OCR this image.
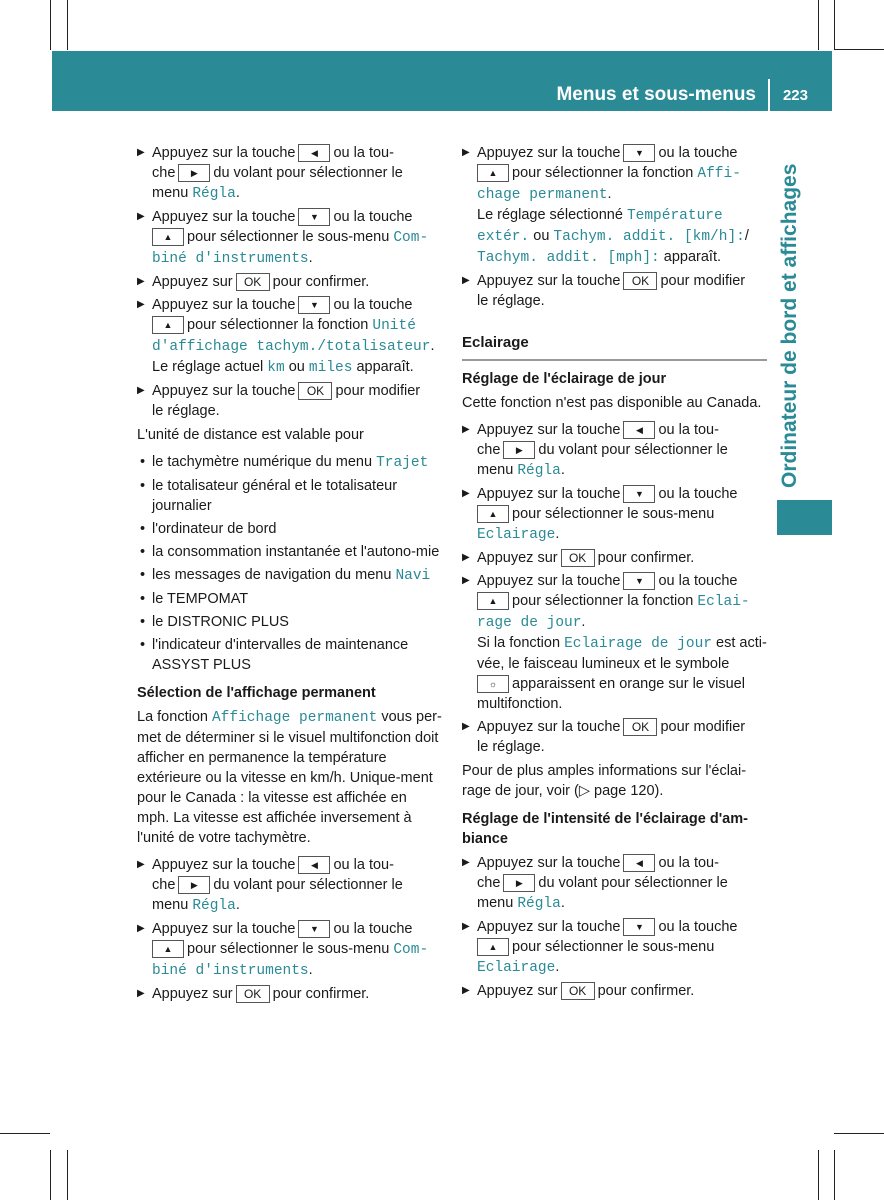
Menus et sous-menus 223
Ordinateur de bord et affichages
▶ Appuyez sur la touche ◀ ou la tou-
che ▶ du volant pour sélectionner le
menu Régla.
▶ Appuyez sur la touche ▼ ou la touche
▲ pour sélectionner le sous-menu Com-
biné d'instruments.
▶ Appuyez sur OK pour confirmer.
▶ Appuyez sur la touche ▼ ou la touche
▲ pour sélectionner la fonction Unité
d'affichage tachym./totalisateur.
Le réglage actuel km ou miles apparaît.
▶ Appuyez sur la touche OK pour modifier
le réglage.
L'unité de distance est valable pour
• le tachymètre numérique du menu Trajet
• le totalisateur général et le totalisateur journalier
• l'ordinateur de bord
• la consommation instantanée et l'autono-mie
• les messages de navigation du menu Navi
• le TEMPOMAT
• le DISTRONIC PLUS
• l'indicateur d'intervalles de maintenance ASSYST PLUS
Sélection de l'affichage permanent
La fonction Affichage permanent vous per-met de déterminer si le visuel multifonction doit afficher en permanence la température extérieure ou la vitesse en km/h. Unique-ment pour le Canada : la vitesse est affichée en mph. La vitesse est affichée inversement à l'unité de votre tachymètre.
▶ Appuyez sur la touche ◀ ou la tou-
che ▶ du volant pour sélectionner le
menu Régla.
▶ Appuyez sur la touche ▼ ou la touche
▲ pour sélectionner le sous-menu Com-
biné d'instruments.
▶ Appuyez sur OK pour confirmer.
▶ Appuyez sur la touche ▼ ou la touche
▲ pour sélectionner la fonction Affi-
chage permanent.
Le réglage sélectionné Température
extér. ou Tachym. addit. [km/h]:/
Tachym. addit. [mph]: apparaît.
▶ Appuyez sur la touche OK pour modifier
le réglage.
Eclairage
Réglage de l'éclairage de jour
Cette fonction n'est pas disponible au Canada.
▶ Appuyez sur la touche ◀ ou la tou-
che ▶ du volant pour sélectionner le
menu Régla.
▶ Appuyez sur la touche ▼ ou la touche
▲ pour sélectionner le sous-menu
Eclairage.
▶ Appuyez sur OK pour confirmer.
▶ Appuyez sur la touche ▼ ou la touche
▲ pour sélectionner la fonction Eclai-
rage de jour.
Si la fonction Eclairage de jour est acti-vée, le faisceau lumineux et le symbole
☼ apparaissent en orange sur le visuel multifonction.
▶ Appuyez sur la touche OK pour modifier
le réglage.
Pour de plus amples informations sur l'éclai-rage de jour, voir (▷ page 120).
Réglage de l'intensité de l'éclairage d'am-biance
▶ Appuyez sur la touche ◀ ou la tou-
che ▶ du volant pour sélectionner le
menu Régla.
▶ Appuyez sur la touche ▼ ou la touche
▲ pour sélectionner le sous-menu
Eclairage.
▶ Appuyez sur OK pour confirmer.
